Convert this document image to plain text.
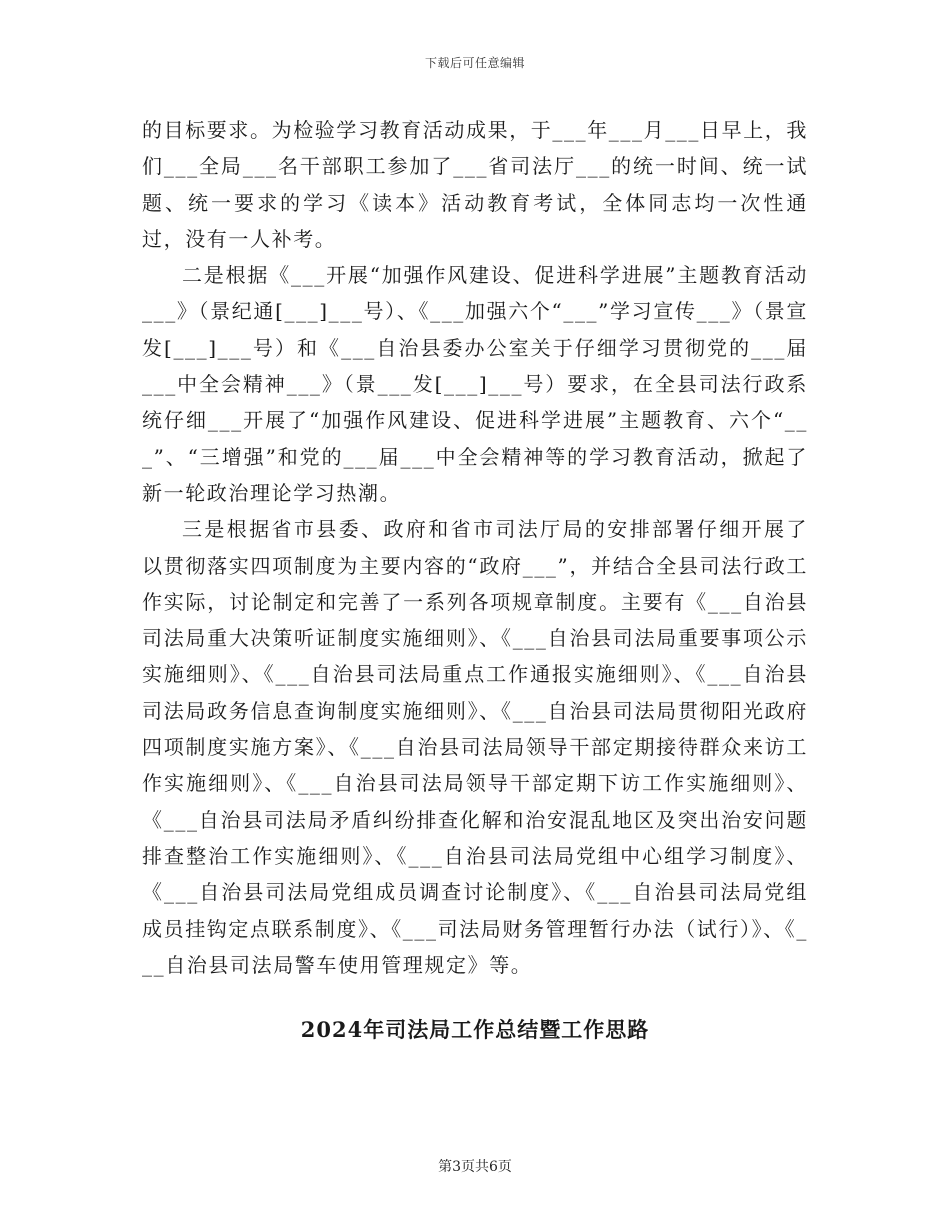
下载后可任意编辑

的目标要求。为检验学习教育活动成果，于___年___月___日早上，我们___全局___名干部职工参加了___省司法厅___的统一时间、统一试题、统一要求的学习《读本》活动教育考试，全体同志均一次性通过，没有一人补考。

二是根据《___开展“加强作风建设、促进科学进展”主题教育活动___》（景纪通[___]___号）、《___加强六个“___”学习宣传___》（景宣发[___]___号）和《___自治县委办公室关于仔细学习贯彻党的___届___中全会精神___》（景___发[___]___号）要求，在全县司法行政系统仔细___开展了“加强作风建设、促进科学进展”主题教育、六个“___”、“三增强”和党的___届___中全会精神等的学习教育活动，掀起了新一轮政治理论学习热潮。

三是根据省市县委、政府和省市司法厅局的安排部署仔细开展了以贯彻落实四项制度为主要内容的“政府___”，并结合全县司法行政工作实际，讨论制定和完善了一系列各项规章制度。主要有《___自治县司法局重大决策听证制度实施细则》、《___自治县司法局重要事项公示实施细则》、《___自治县司法局重点工作通报实施细则》、《___自治县司法局政务信息查询制度实施细则》、《___自治县司法局贯彻阳光政府四项制度实施方案》、《___自治县司法局领导干部定期接待群众来访工作实施细则》、《___自治县司法局领导干部定期下访工作实施细则》、《___自治县司法局矛盾纠纷排查化解和治安混乱地区及突出治安问题排查整治工作实施细则》、《___自治县司法局党组中心组学习制度》、《___自治县司法局党组成员调查讨论制度》、《___自治县司法局党组成员挂钩定点联系制度》、《___司法局财务管理暂行办法（试行）》、《___自治县司法局警车使用管理规定》等。

2024年司法局工作总结暨工作思路
第3页共6页
